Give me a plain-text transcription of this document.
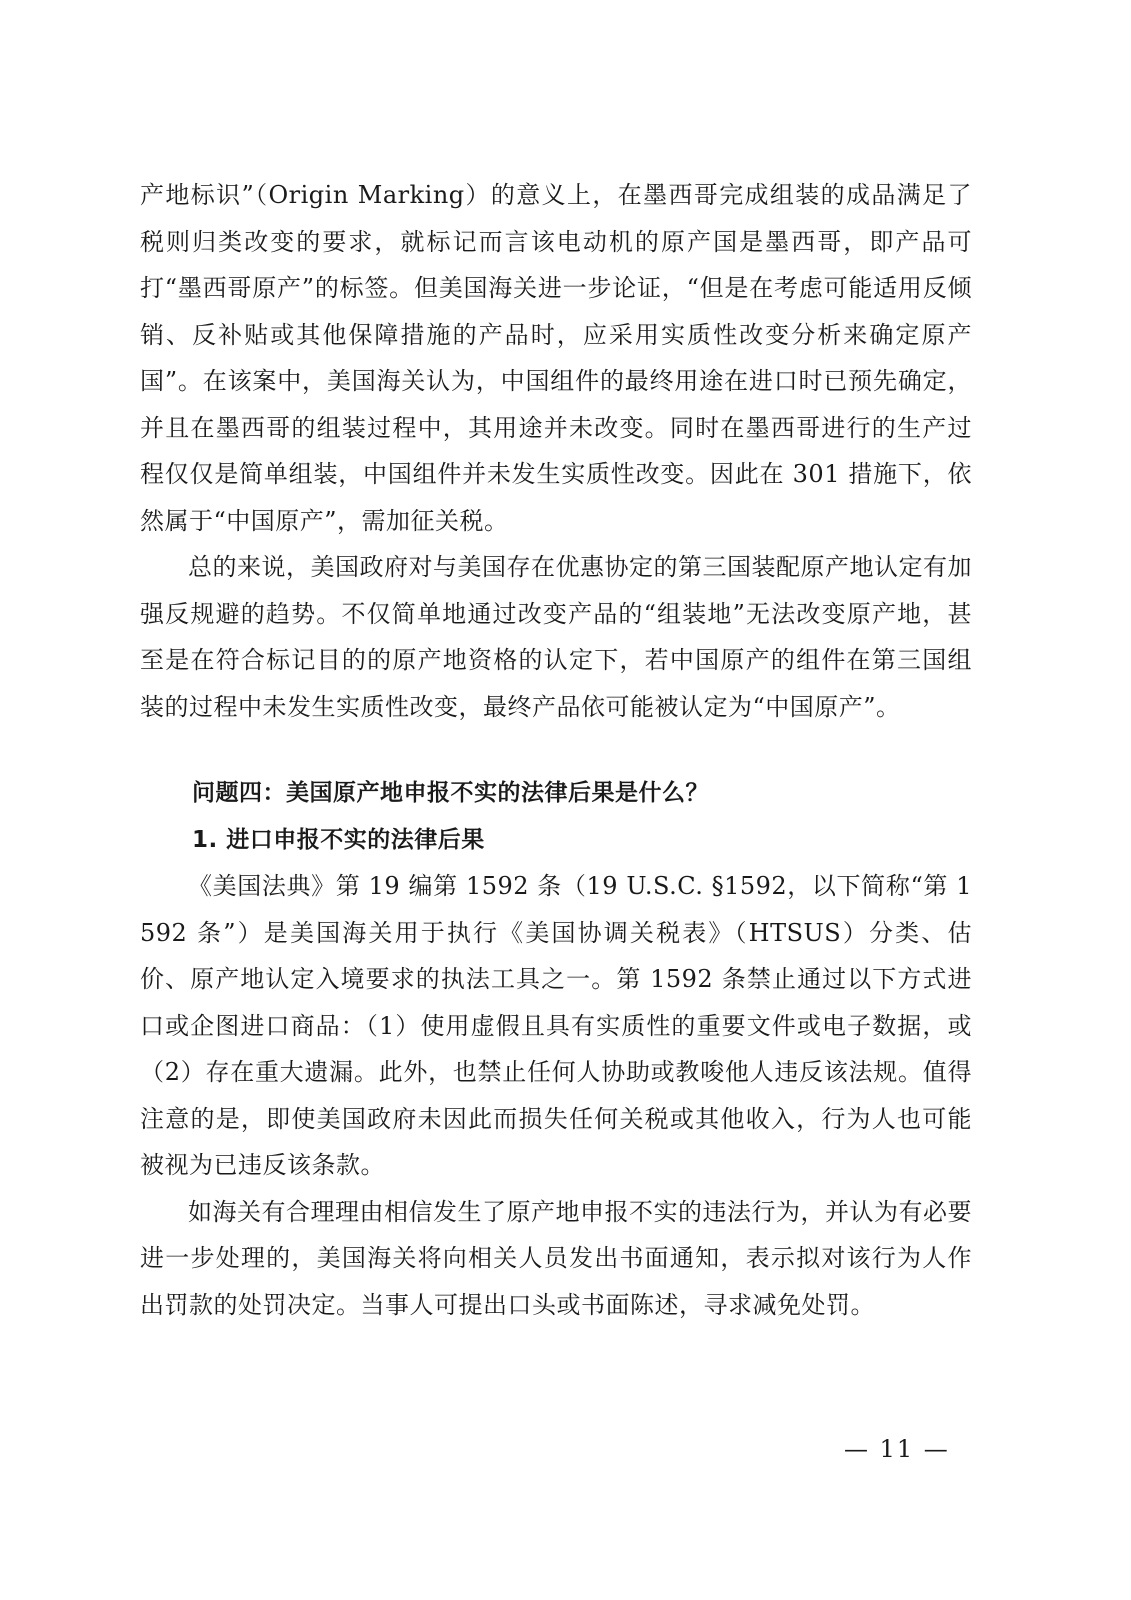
产地标识”（Origin Marking）的意义上，在墨西哥完成组装的成品满足了税则归类改变的要求，就标记而言该电动机的原产国是墨西哥，即产品可打“墨西哥原产”的标签。但美国海关进一步论证，“但是在考虑可能适用反倾销、反补贴或其他保障措施的产品时，应采用实质性改变分析来确定原产国”。在该案中，美国海关认为，中国组件的最终用途在进口时已预先确定，并且在墨西哥的组装过程中，其用途并未改变。同时在墨西哥进行的生产过程仅仅是简单组装，中国组件并未发生实质性改变。因此在 301 措施下，依然属于“中国原产”，需加征关税。

总的来说，美国政府对与美国存在优惠协定的第三国装配原产地认定有加强反规避的趋势。不仅简单地通过改变产品的“组装地”无法改变原产地，甚至是在符合标记目的的原产地资格的认定下，若中国原产的组件在第三国组装的过程中未发生实质性改变，最终产品依可能被认定为“中国原产”。

问题四：美国原产地申报不实的法律后果是什么？

1. 进口申报不实的法律后果

《美国法典》第 19 编第 1592 条（19 U.S.C. §1592，以下简称“第 1592 条”）是美国海关用于执行《美国协调关税表》（HTSUS）分类、估价、原产地认定入境要求的执法工具之一。第 1592 条禁止通过以下方式进口或企图进口商品：（1）使用虚假且具有实质性的重要文件或电子数据，或（2）存在重大遗漏。此外，也禁止任何人协助或教唆他人违反该法规。值得注意的是，即使美国政府未因此而损失任何关税或其他收入，行为人也可能被视为已违反该条款。

如海关有合理理由相信发生了原产地申报不实的违法行为，并认为有必要进一步处理的，美国海关将向相关人员发出书面通知，表示拟对该行为人作出罚款的处罚决定。当事人可提出口头或书面陈述，寻求减免处罚。

— 11 —
